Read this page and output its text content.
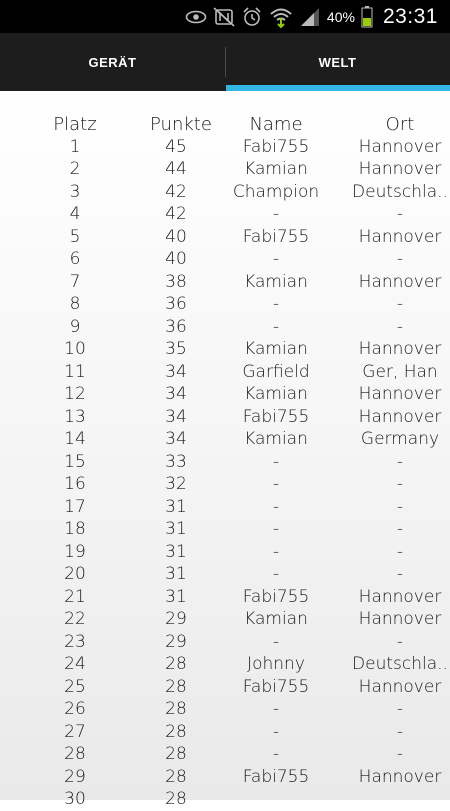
40% 23:31
GERÄT	WELT
Platz	Punkte	Name	Ort
1	45	Fabi755	Hannover
2	44	Kamian	Hannover
3	42	Champion	Deutschla..
4	42	-	-
5	40	Fabi755	Hannover
6	40	-	-
7	38	Kamian	Hannover
8	36	-	-
9	36	-	-
10	35	Kamian	Hannover
11	34	Garfield	Ger, Han
12	34	Kamian	Hannover
13	34	Fabi755	Hannover
14	34	Kamian	Germany
15	33	-	-
16	32	-	-
17	31	-	-
18	31	-	-
19	31	-	-
20	31	-	-
21	31	Fabi755	Hannover
22	29	Kamian	Hannover
23	29	-	-
24	28	Johnny	Deutschla..
25	28	Fabi755	Hannover
26	28	-	-
27	28	-	-
28	28	-	-
29	28	Fabi755	Hannover
30	28
